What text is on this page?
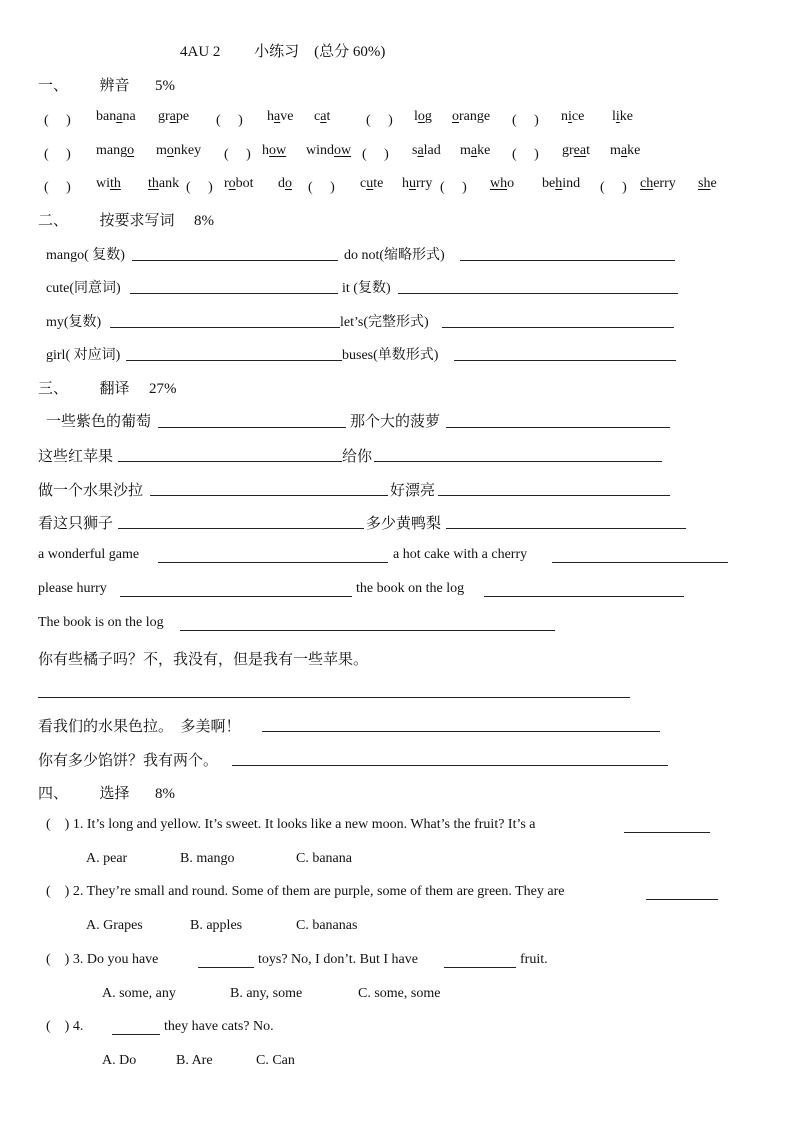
4AU 2　　 小练习　(总分 60%)
一、 辨音 5%
(　 ) banana grape (　 ) have cat	(　 ) log orange (　 ) nice like
(　 ) mango monkey (　 ) how window (　 ) salad make (　 ) great make
(　 ) with thank (　 ) robot do (　 ) cute hurry (　 ) who behind (　 ) cherry she
二、 按要求写词 8%
mango( 复数)	do not(缩略形式)
cute(同意词)	it (复数)
my(复数)	let’s(完整形式)
girl( 对应词)	buses(单数形式)
三、 翻译 27%
一些紫色的葡萄	那个大的菠萝
这些红苹果	给你
做一个水果沙拉	好漂亮
看这只狮子	多少黄鸭梨
a wonderful game	a hot cake with a cherry
please hurry	the book on the log
The book is on the log
你有些橘子吗？不，我没有，但是我有一些苹果。
看我们的水果色拉。　多美啊！
你有多少馅饼？我有两个。
四、 选择 8%
(    ) 1. It’s long and yellow. It’s sweet. It looks like a new moon. What’s the fruit? It’s a
A. pear	B. mango	C. banana
(    ) 2. They’re small and round. Some of them are purple, some of them are green. They are
A. Grapes	B. apples	C. bananas
(    ) 3. Do you have	toys? No, I don’t. But I have	fruit.
A. some, any	B. any, some	C. some, some
(    ) 4.	they have cats? No.
A. Do	B. Are	C. Can
